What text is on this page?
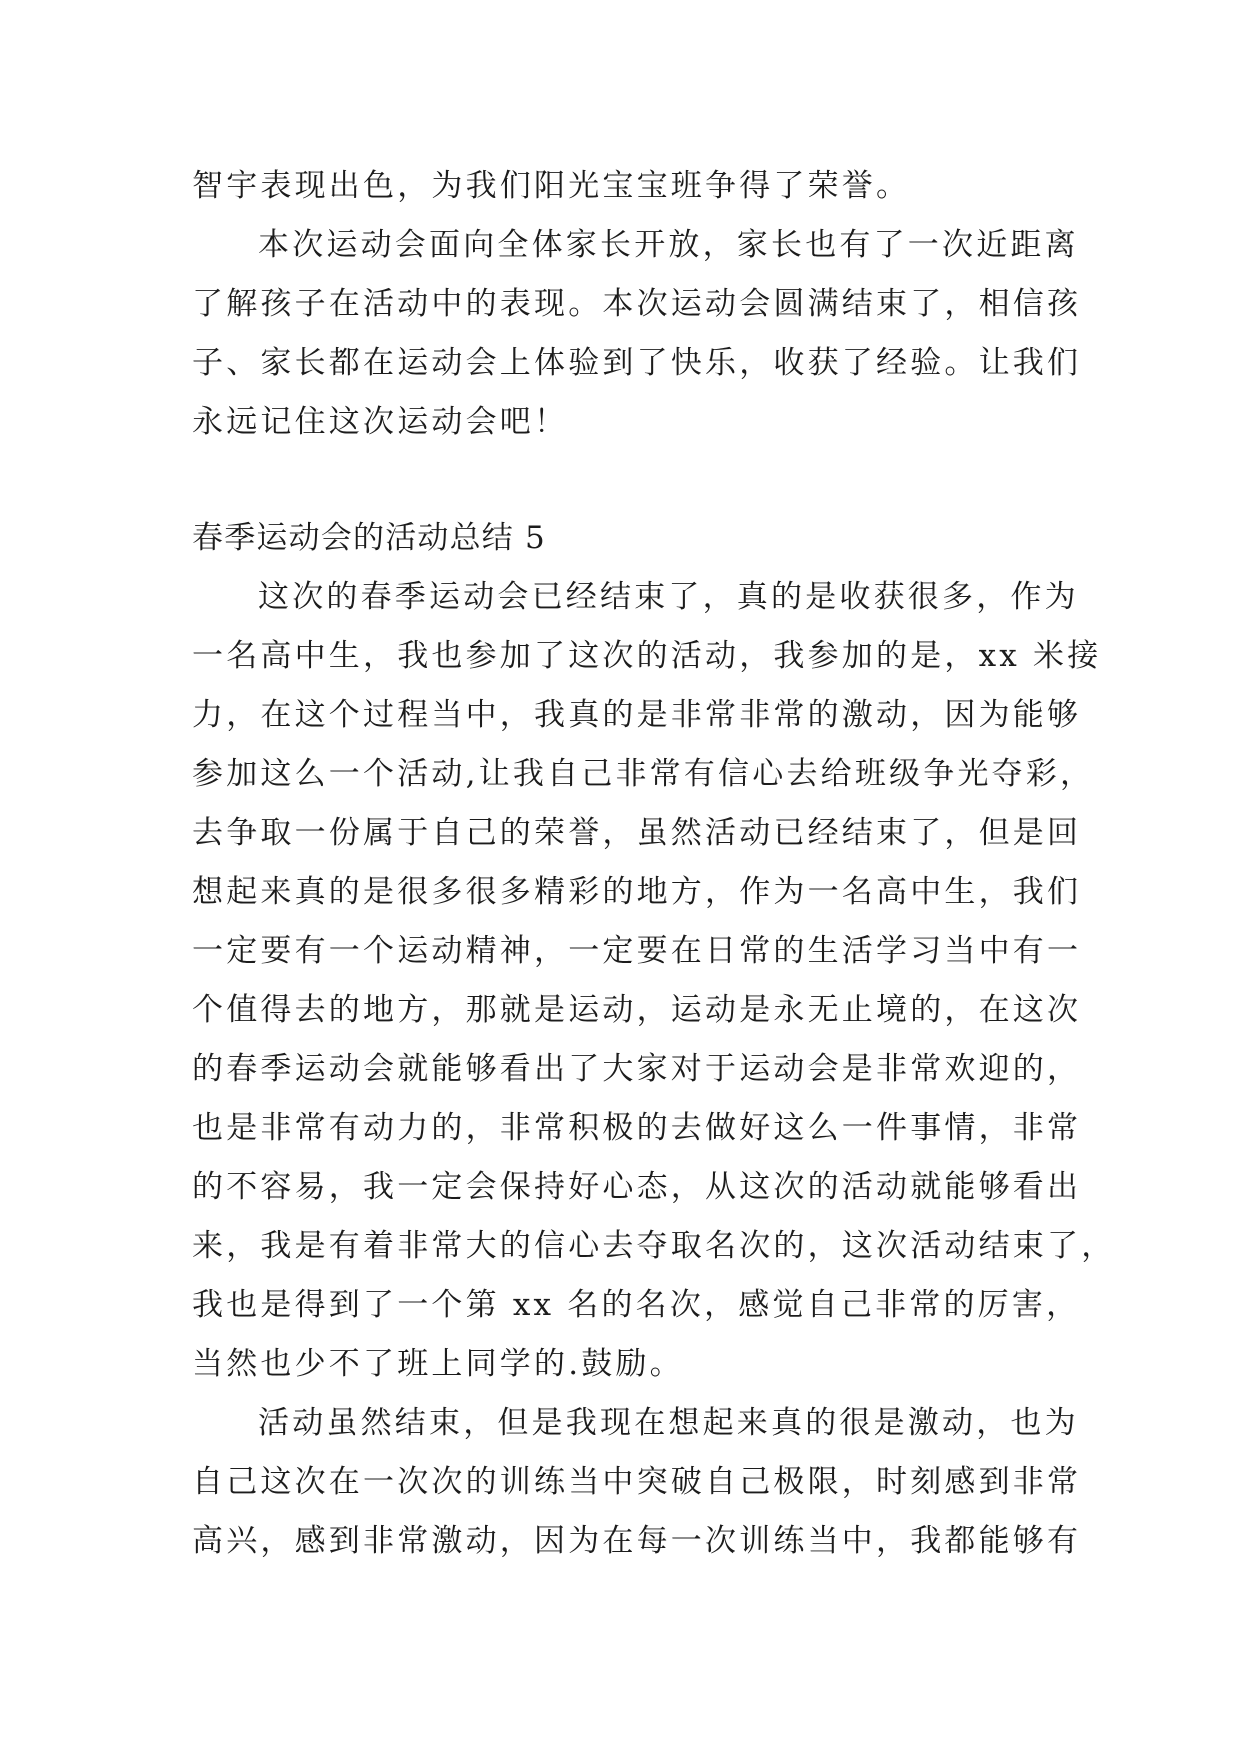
智宇表现出色，为我们阳光宝宝班争得了荣誉。
本次运动会面向全体家长开放，家长也有了一次近距离
了解孩子在活动中的表现。本次运动会圆满结束了，相信孩
子、家长都在运动会上体验到了快乐，收获了经验。让我们
永远记住这次运动会吧！
春季运动会的活动总结 5
这次的春季运动会已经结束了，真的是收获很多，作为
一名高中生，我也参加了这次的活动，我参加的是，xx 米接
力，在这个过程当中，我真的是非常非常的激动，因为能够
参加这么一个活动,让我自己非常有信心去给班级争光夺彩，
去争取一份属于自己的荣誉，虽然活动已经结束了，但是回
想起来真的是很多很多精彩的地方，作为一名高中生，我们
一定要有一个运动精神，一定要在日常的生活学习当中有一
个值得去的地方，那就是运动，运动是永无止境的，在这次
的春季运动会就能够看出了大家对于运动会是非常欢迎的，
也是非常有动力的，非常积极的去做好这么一件事情，非常
的不容易，我一定会保持好心态，从这次的活动就能够看出
来，我是有着非常大的信心去夺取名次的，这次活动结束了，
我也是得到了一个第 xx 名的名次，感觉自己非常的厉害，
当然也少不了班上同学的.鼓励。
活动虽然结束，但是我现在想起来真的很是激动，也为
自己这次在一次次的训练当中突破自己极限，时刻感到非常
高兴，感到非常激动，因为在每一次训练当中，我都能够有
